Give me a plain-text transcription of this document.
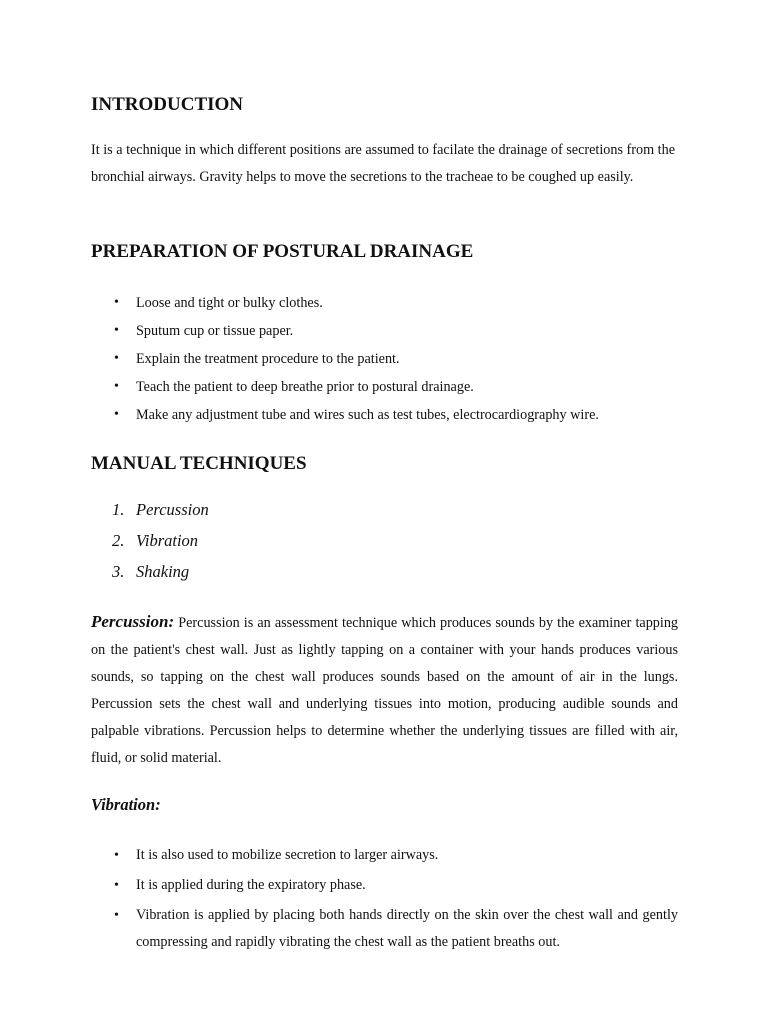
INTRODUCTION

It is a technique in which different positions are assumed to facilate the drainage of secretions from the bronchial airways. Gravity helps to move the secretions to the tracheae to be coughed up easily.

PREPARATION OF POSTURAL DRAINAGE
• Loose and tight or bulky clothes.
• Sputum cup or tissue paper.
• Explain the treatment procedure to the patient.
• Teach the patient to deep breathe prior to postural drainage.
• Make any adjustment tube and wires such as test tubes, electrocardiography wire.
MANUAL TECHNIQUES
1. Percussion
2. Vibration
3. Shaking

Percussion: Percussion is an assessment technique which produces sounds by the examiner tapping on the patient's chest wall. Just as lightly tapping on a container with your hands produces various sounds, so tapping on the chest wall produces sounds based on the amount of air in the lungs. Percussion sets the chest wall and underlying tissues into motion, producing audible sounds and palpable vibrations. Percussion helps to determine whether the underlying tissues are filled with air, fluid, or solid material.

Vibration:
• It is also used to mobilize secretion to larger airways.
• It is applied during the expiratory phase.
• Vibration is applied by placing both hands directly on the skin over the chest wall and gently compressing and rapidly vibrating the chest wall as the patient breaths out.
